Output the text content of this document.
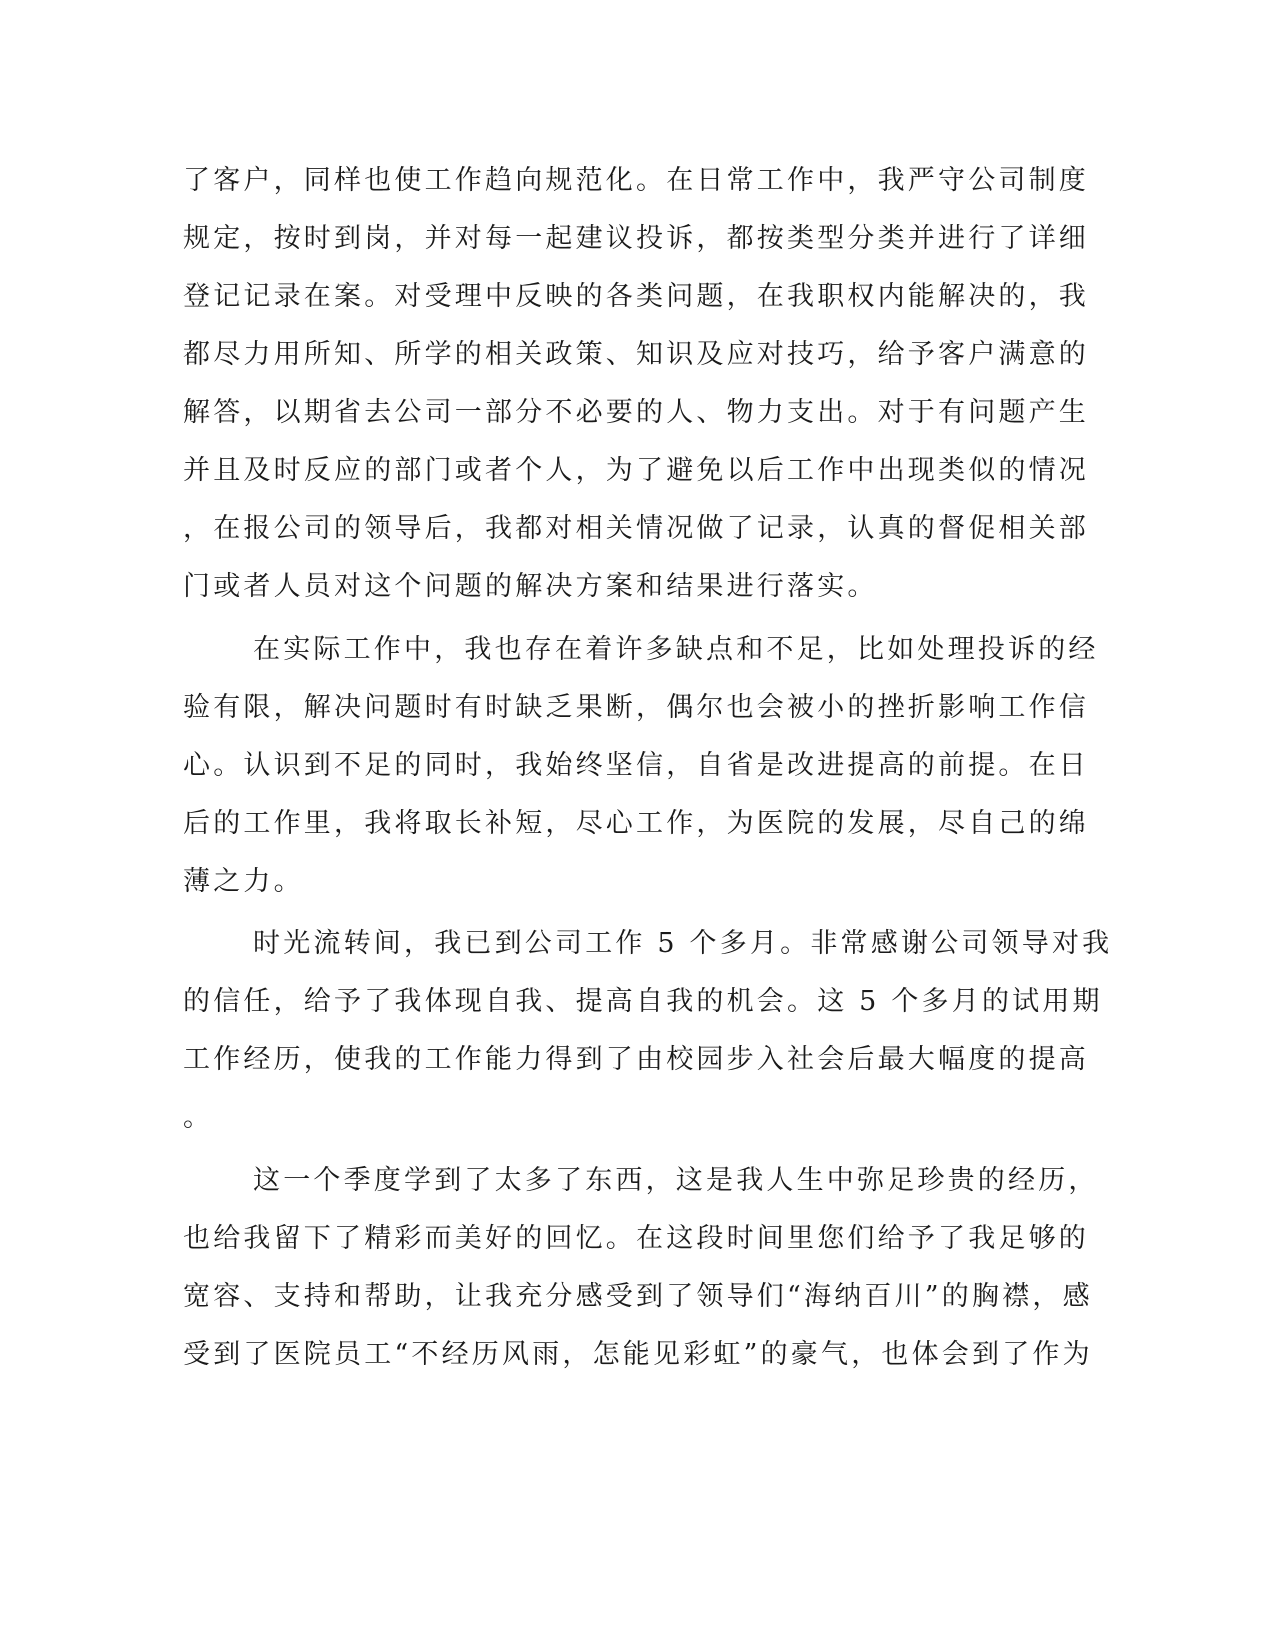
了客户，同样也使工作趋向规范化。在日常工作中，我严守公司制度
规定，按时到岗，并对每一起建议投诉，都按类型分类并进行了详细
登记记录在案。对受理中反映的各类问题，在我职权内能解决的，我
都尽力用所知、所学的相关政策、知识及应对技巧，给予客户满意的
解答，以期省去公司一部分不必要的人、物力支出。对于有问题产生
并且及时反应的部门或者个人，为了避免以后工作中出现类似的情况
，在报公司的领导后，我都对相关情况做了记录，认真的督促相关部
门或者人员对这个问题的解决方案和结果进行落实。
在实际工作中，我也存在着许多缺点和不足，比如处理投诉的经
验有限，解决问题时有时缺乏果断，偶尔也会被小的挫折影响工作信
心。认识到不足的同时，我始终坚信，自省是改进提高的前提。在日
后的工作里，我将取长补短，尽心工作，为医院的发展，尽自己的绵
薄之力。
时光流转间，我已到公司工作 5 个多月。非常感谢公司领导对我
的信任，给予了我体现自我、提高自我的机会。这 5 个多月的试用期
工作经历，使我的工作能力得到了由校园步入社会后最大幅度的提高
。
这一个季度学到了太多了东西，这是我人生中弥足珍贵的经历，
也给我留下了精彩而美好的回忆。在这段时间里您们给予了我足够的
宽容、支持和帮助，让我充分感受到了领导们“海纳百川”的胸襟，感
受到了医院员工“不经历风雨，怎能见彩虹”的豪气，也体会到了作为
